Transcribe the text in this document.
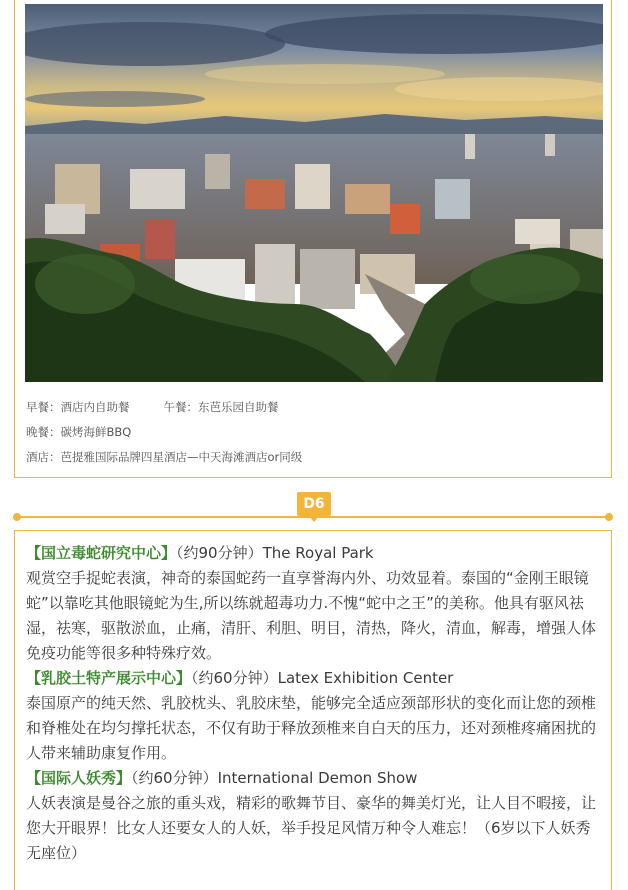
早餐：酒店内自助餐	午餐：东芭乐园自助餐
晚餐：碳烤海鲜BBQ
酒店：芭提雅国际品牌四星酒店—中天海滩酒店or同级
D6

【国立毒蛇研究中心】（约90分钟）The Royal Park

观赏空手捉蛇表演，神奇的泰国蛇药一直享誉海内外、功效显着。泰国的“金刚王眼镜蛇”以靠吃其他眼镜蛇为生,所以练就超毒功力.不愧“蛇中之王”的美称。他具有驱风祛湿，祛寒，驱散淤血，止痛，清肝、利胆、明目，清热，降火，清血，解毒，增强人体免疫功能等很多种特殊疗效。

【乳胶土特产展示中心】（约60分钟）Latex Exhibition Center

泰国原产的纯天然、乳胶枕头、乳胶床垫，能够完全适应颈部形状的变化而让您的颈椎和脊椎处在均匀撑托状态，不仅有助于释放颈椎来自白天的压力，还对颈椎疼痛困扰的人带来辅助康复作用。

【国际人妖秀】（约60分钟）International Demon Show

人妖表演是曼谷之旅的重头戏，精彩的歌舞节目、豪华的舞美灯光，让人目不暇接，让您大开眼界！比女人还要女人的人妖，举手投足风情万种令人难忘！（6岁以下人妖秀无座位）
